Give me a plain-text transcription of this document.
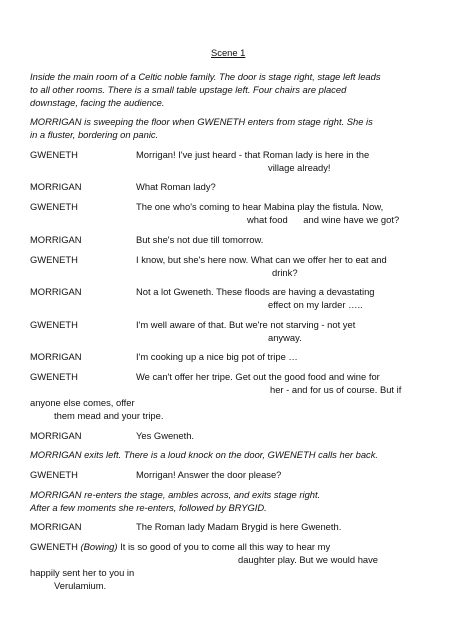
Scene 1
Inside the main room of a Celtic noble family. The door is stage right, stage left leads
to all other rooms. There is a small table upstage left. Four chairs are placed
downstage, facing the audience.
MORRIGAN is sweeping the floor when GWENETH enters from stage right. She is
in a fluster, bordering on panic.
GWENETH	Morrigan! I've just heard - that Roman lady is here in the
village already!
MORRIGAN	What Roman lady?
GWENETH	The one who's coming to hear Mabina play the fistula. Now,
what food      and wine have we got?
MORRIGAN	But she's not due till tomorrow.
GWENETH	I know, but she's here now. What can we offer her to eat and
drink?
MORRIGAN	Not a lot Gweneth. These floods are having a devastating
effect on my larder …..
GWENETH	I'm well aware of that. But we're not starving - not yet
anyway.
MORRIGAN	I'm cooking up a nice big pot of tripe …
GWENETH	We can't offer her tripe. Get out the good food and wine for
her - and for us of course. But if
anyone else comes, offer
them mead and your tripe.
MORRIGAN	Yes Gweneth.
MORRIGAN exits left. There is a loud knock on the door, GWENETH calls her back.
GWENETH	Morrigan! Answer the door please?
MORRIGAN re-enters the stage, ambles across, and exits stage right.
After a few moments she re-enters, followed by BRYGID.
MORRIGAN	The Roman lady Madam Brygid is here Gweneth.
GWENETH (Bowing) It is so good of you to come all this way to hear my
daughter play. But we would have
happily sent her to you in
Verulamium.
